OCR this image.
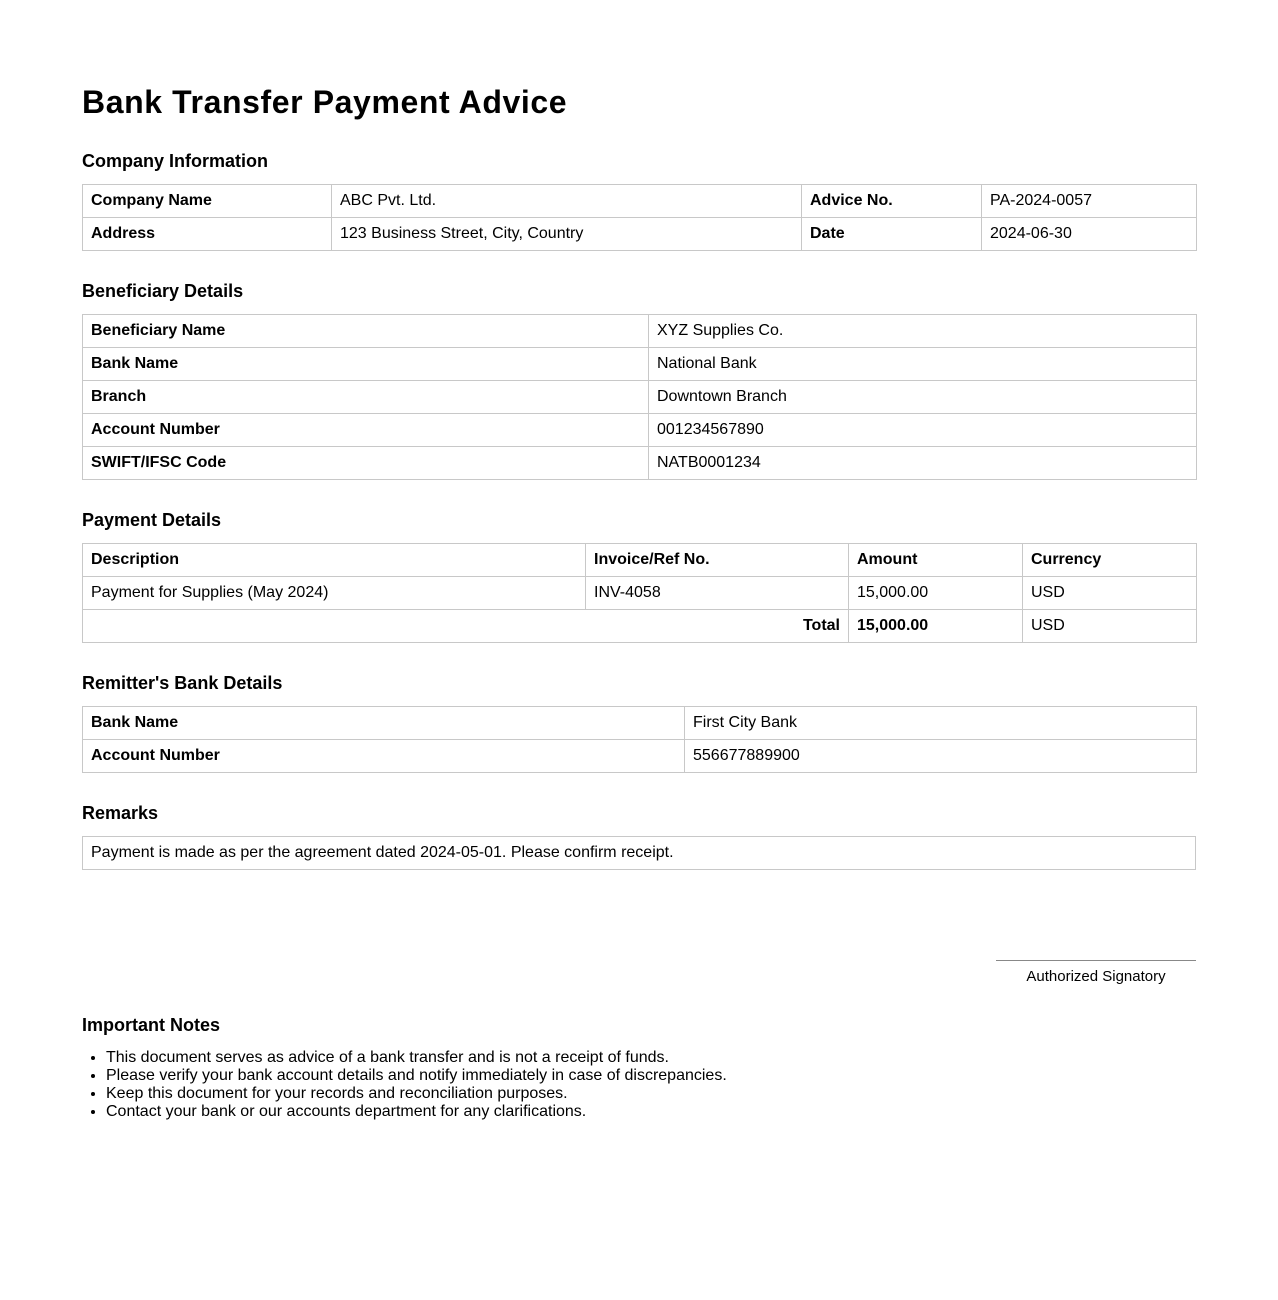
Bank Transfer Payment Advice
Company Information
Company Name	ABC Pvt. Ltd.	Advice No.	PA-2024-0057
Address	123 Business Street, City, Country	Date	2024-06-30
Beneficiary Details
Beneficiary Name	XYZ Supplies Co.
Bank Name	National Bank
Branch	Downtown Branch
Account Number	001234567890
SWIFT/IFSC Code	NATB0001234
Payment Details
Description	Invoice/Ref No.	Amount	Currency
Payment for Supplies (May 2024)	INV-4058	15,000.00	USD
Total		15,000.00	USD
Remitter's Bank Details
Bank Name	First City Bank
Account Number	556677889900
Remarks
Payment is made as per the agreement dated 2024-05-01. Please confirm receipt.
Authorized Signatory
Important Notes
• This document serves as advice of a bank transfer and is not a receipt of funds.
• Please verify your bank account details and notify immediately in case of discrepancies.
• Keep this document for your records and reconciliation purposes.
• Contact your bank or our accounts department for any clarifications.
